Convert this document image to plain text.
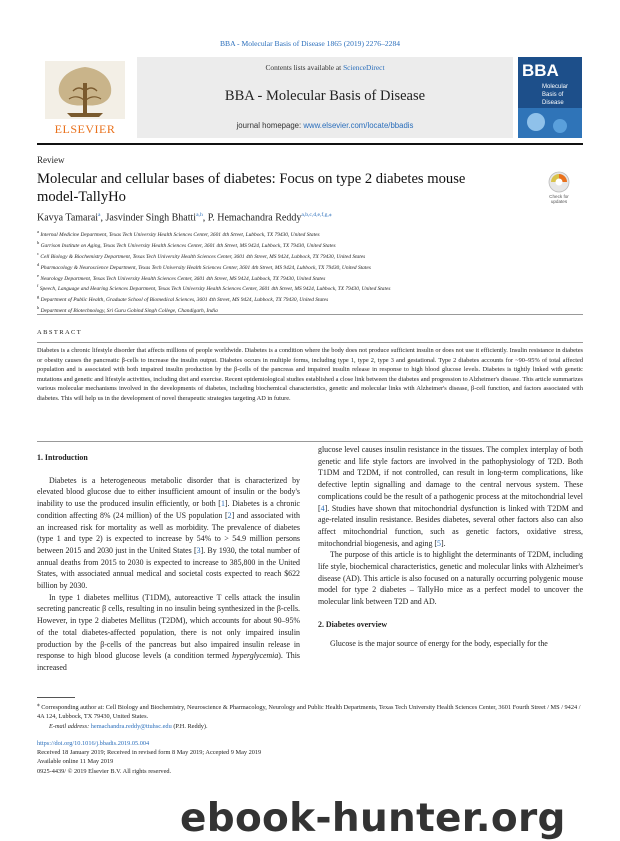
BBA - Molecular Basis of Disease 1865 (2019) 2276–2284
ELSEVIER
Contents lists available at ScienceDirect
BBA - Molecular Basis of Disease
journal homepage: www.elsevier.com/locate/bbadis
BBA
Molecular
Basis of
Disease
Review
Molecular and cellular bases of diabetes: Focus on type 2 diabetes mouse model-TallyHo	Check for updates
Kavya Tamarai$^a$, Jasvinder Singh Bhatti$^{a,h}$, P. Hemachandra Reddy$^{a,b,c,d,e,f,g,⁎}$
$^a$ Internal Medicine Department, Texas Tech University Health Sciences Center, 3601 4th Street, Lubbock, TX 79430, United States
$^b$ Garrison Institute on Aging, Texas Tech University Health Sciences Center, 3601 4th Street, MS 9424, Lubbock, TX 79430, United States
$^c$ Cell Biology & Biochemistry Department, Texas Tech University Health Sciences Center, 3601 4th Street, MS 9424, Lubbock, TX 79430, United States
$^d$ Pharmacology & Neuroscience Department, Texas Tech University Health Sciences Center, 3601 4th Street, MS 9424, Lubbock, TX 79430, United States
$^e$ Neurology Department, Texas Tech University Health Sciences Center, 3601 4th Street, MS 9424, Lubbock, TX 79430, United States
$^f$ Speech, Language and Hearing Sciences Department, Texas Tech University Health Sciences Center, 3601 4th Street, MS 9424, Lubbock, TX 79430, United States
$^g$ Department of Public Health, Graduate School of Biomedical Sciences, 3601 4th Street, MS 9424, Lubbock, TX 79430, United States
$^h$ Department of Biotechnology, Sri Guru Gobind Singh College, Chandigarh, India
ABSTRACT
Diabetes is a chronic lifestyle disorder that affects millions of people worldwide. Diabetes is a condition where the body does not produce sufficient insulin or does not use it efficiently. Insulin resistance in diabetes or obesity causes the pancreatic β-cells to increase the insulin output. Diabetes occurs in multiple forms, including type 1, type 2, type 3 and gestational. Type 2 diabetes accounts for ~90–95% of total affected population and is associated with both impaired insulin production by the β-cells of the pancreas and impaired insulin release in response to high blood glucose levels. Diabetes is tightly linked with genetic mutations and genetic and lifestyle activities, including diet and exercise. Recent epidemiological studies established a close link between the diabetes and progression to Alzheimer's disease. This article summarizes various molecular mechanisms involved in the developments of diabetes, including biochemical characteristics, genetic and molecular links with Alzheimer's disease, β-cell function, and factors associated with diabetes. This will help us in the development of novel therapeutic strategies targeting AD in future.

1. Introduction

Diabetes is a heterogeneous metabolic disorder that is characterized by elevated blood glucose due to either insufficient amount of insulin or the body's inability to use the produced insulin efficiently, or both [1]. Diabetes is a chronic condition affecting 8% (24 million) of the US population [2] and associated with an increased risk for mortality as well as morbidity. The prevalence of diabetes (type 1 and type 2) is expected to increase by 54% to > 54.9 million persons between 2015 and 2030 just in the United States [3]. By 1930, the total number of annual deaths from 2015 to 2030 is expected to increase to 385,800 in the United States, with associated annual medical and societal costs expected to reach $622 billion by 2030.

In type 1 diabetes mellitus (T1DM), autoreactive T cells attack the insulin secreting pancreatic β cells, resulting in no insulin being synthesized in the β-cells. However, in type 2 diabetes Mellitus (T2DM), which accounts for about 90–95% of the total diabetes-affected population, there is not only impaired insulin production by the β-cells of the pancreas but also impaired insulin release in response to high blood glucose levels (a condition termed hyperglycemia). This increased

glucose level causes insulin resistance in the tissues. The complex interplay of both genetic and life style factors are involved in the pathophysiology of T2D. Both T1DM and T2DM, if not controlled, can result in long-term complications, like defective leptin signalling and damage to the central nervous system. These complications could be the result of a pathogenic process at the mitochondrial level [4]. Studies have shown that mitochondrial dysfunction is linked with T2DM and age-related insulin resistance. Besides diabetes, several other factors also can also affect mitochondrial function, such as genetic factors, oxidative stress, mitochondrial biogenesis, and aging [5].

The purpose of this article is to highlight the determinants of T2DM, including life style, biochemical characteristics, genetic and molecular links with Alzheimer's disease (AD). This article is also focused on a naturally occurring polygenic mouse model for type 2 diabetes – TallyHo mice as a perfect model to uncover the molecular link between T2D and AD.

2. Diabetes overview

Glucose is the major source of energy for the body, especially for the

⁎ Corresponding author at: Cell Biology and Biochemistry, Neuroscience & Pharmacology, Neurology and Public Health Departments, Texas Tech University Health Sciences Center, 3601 Fourth Street / MS / 9424 / 4A 124, Lubbock, TX 79430, United States.
E-mail address: hemachandra.reddy@ttuhsc.edu (P.H. Reddy).
https://doi.org/10.1016/j.bbadis.2019.05.004
Received 18 January 2019; Received in revised form 8 May 2019; Accepted 9 May 2019
Available online 11 May 2019
0925-4439/ © 2019 Elsevier B.V. All rights reserved.
ebook-hunter.org
